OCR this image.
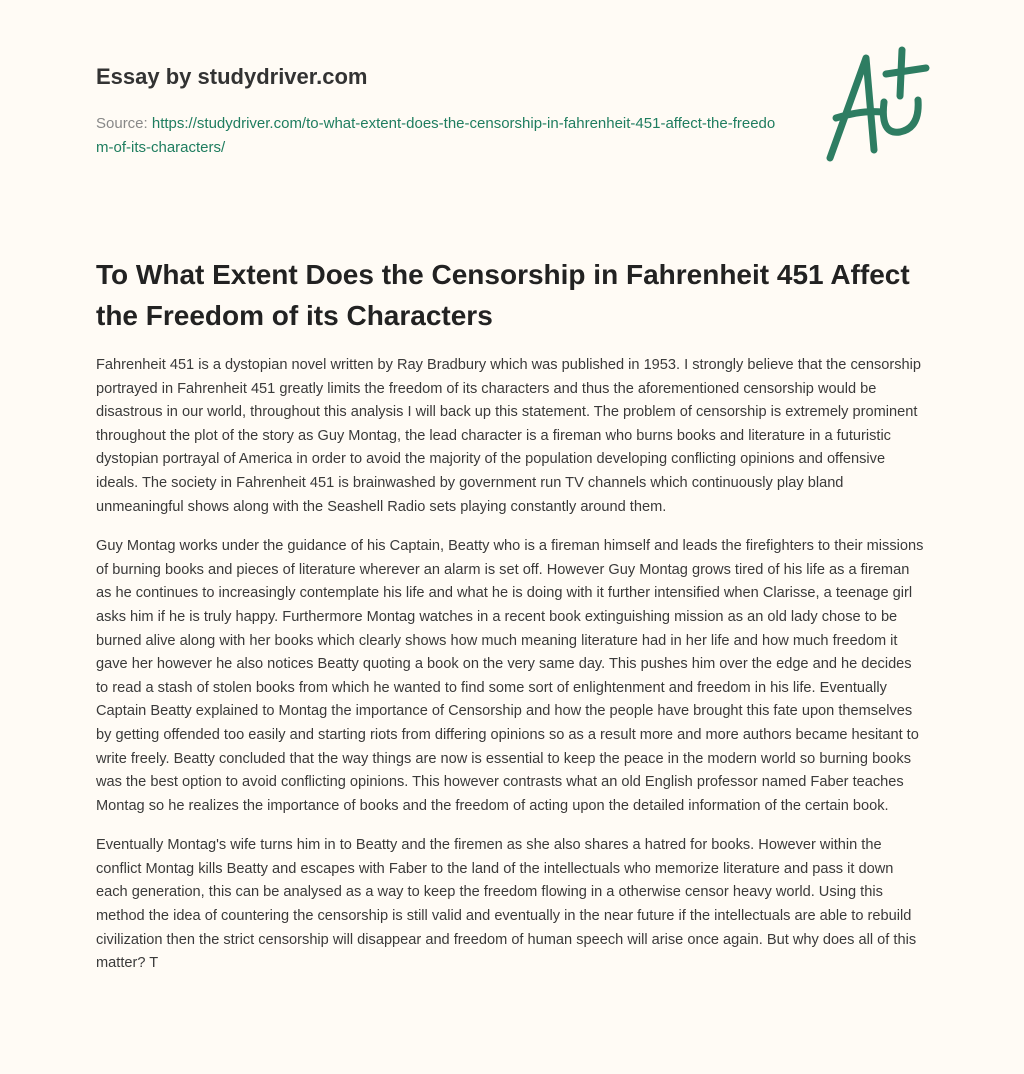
Essay by studydriver.com

Source: https://studydriver.com/to-what-extent-does-the-censorship-in-fahrenheit-451-affect-the-freedom-of-its-characters/
To What Extent Does the Censorship in Fahrenheit 451 Affect the Freedom of its Characters

Fahrenheit 451 is a dystopian novel written by Ray Bradbury which was published in 1953. I strongly believe that the censorship portrayed in Fahrenheit 451 greatly limits the freedom of its characters and thus the aforementioned censorship would be disastrous in our world, throughout this analysis I will back up this statement. The problem of censorship is extremely prominent throughout the plot of the story as Guy Montag, the lead character is a fireman who burns books and literature in a futuristic dystopian portrayal of America in order to avoid the majority of the population developing conflicting opinions and offensive ideals. The society in Fahrenheit 451 is brainwashed by government run TV channels which continuously play bland unmeaningful shows along with the Seashell Radio sets playing constantly around them.

Guy Montag works under the guidance of his Captain, Beatty who is a fireman himself and leads the firefighters to their missions of burning books and pieces of literature wherever an alarm is set off. However Guy Montag grows tired of his life as a fireman as he continues to increasingly contemplate his life and what he is doing with it further intensified when Clarisse, a teenage girl asks him if he is truly happy. Furthermore Montag watches in a recent book extinguishing mission as an old lady chose to be burned alive along with her books which clearly shows how much meaning literature had in her life and how much freedom it gave her however he also notices Beatty quoting a book on the very same day. This pushes him over the edge and he decides to read a stash of stolen books from which he wanted to find some sort of enlightenment and freedom in his life. Eventually Captain Beatty explained to Montag the importance of Censorship and how the people have brought this fate upon themselves by getting offended too easily and starting riots from differing opinions so as a result more and more authors became hesitant to write freely. Beatty concluded that the way things are now is essential to keep the peace in the modern world so burning books was the best option to avoid conflicting opinions. This however contrasts what an old English professor named Faber teaches Montag so he realizes the importance of books and the freedom of acting upon the detailed information of the certain book.

Eventually Montag's wife turns him in to Beatty and the firemen as she also shares a hatred for books. However within the conflict Montag kills Beatty and escapes with Faber to the land of the intellectuals who memorize literature and pass it down each generation, this can be analysed as a way to keep the freedom flowing in a otherwise censor heavy world. Using this method the idea of countering the censorship is still valid and eventually in the near future if the intellectuals are able to rebuild civilization then the strict censorship will disappear and freedom of human speech will arise once again. But why does all of this matter? T
